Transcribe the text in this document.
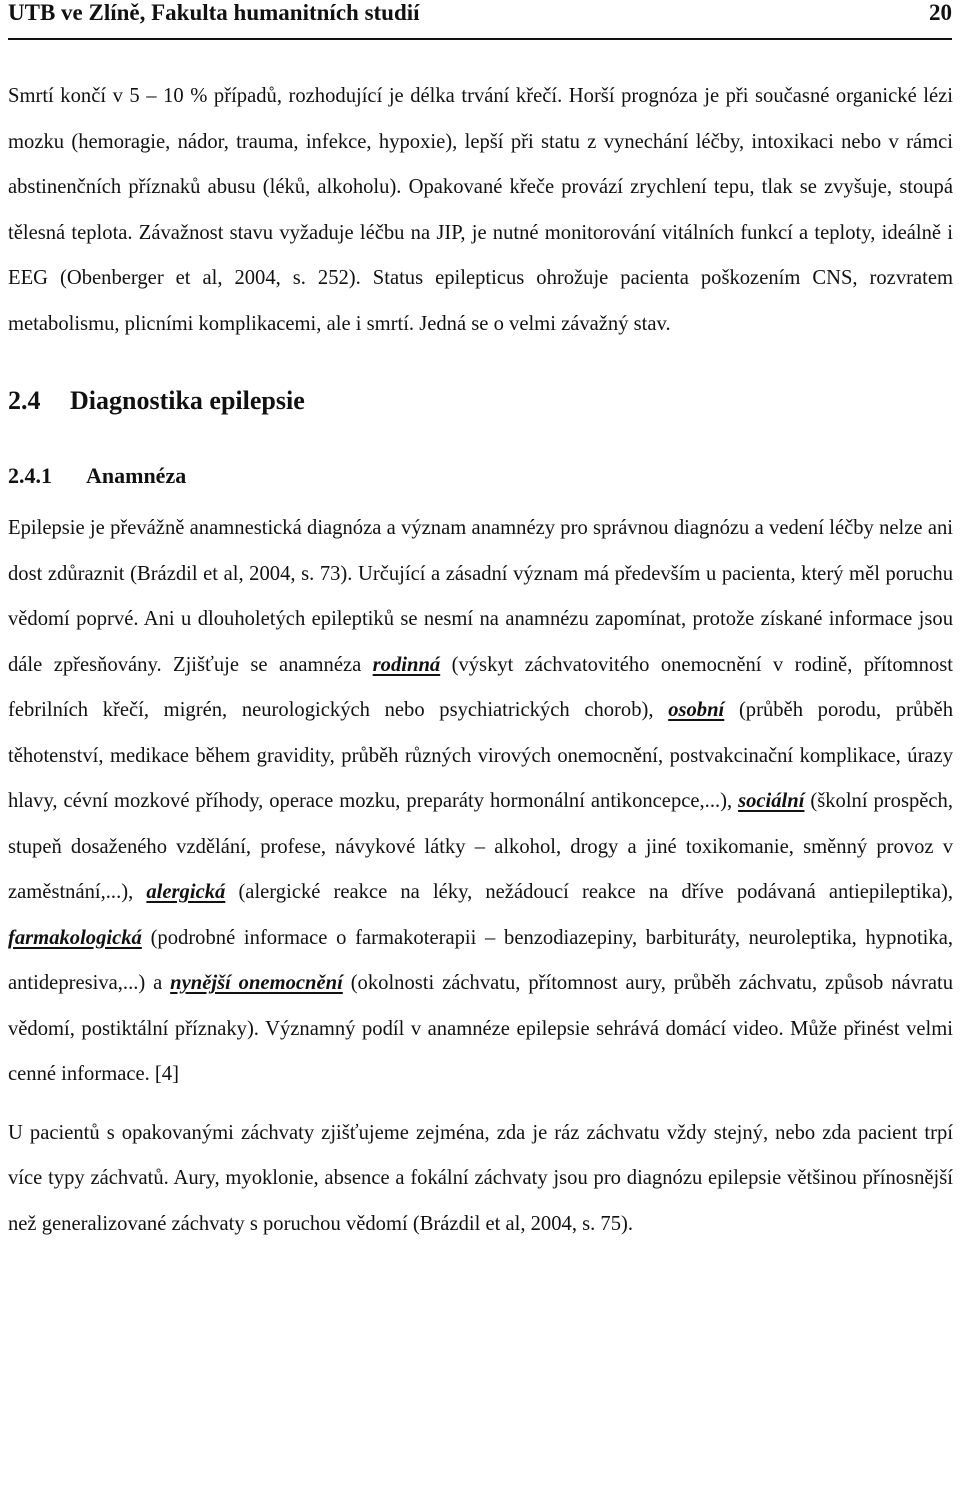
UTB ve Zlíně, Fakulta humanitních studií	20

Smrtí končí v 5 – 10 % případů, rozhodující je délka trvání křečí. Horší prognóza je při současné organické lézi mozku (hemoragie, nádor, trauma, infekce, hypoxie), lepší při statu z vynechání léčby, intoxikaci nebo v rámci abstinenčních příznaků abusu (léků, alkoholu). Opakované křeče provází zrychlení tepu, tlak se zvyšuje, stoupá tělesná teplota. Závažnost stavu vyžaduje léčbu na JIP, je nutné monitorování vitálních funkcí a teploty, ideálně i EEG (Obenberger et al, 2004, s. 252). Status epilepticus ohrožuje pacienta poškozením CNS, rozvratem metabolismu, plicními komplikacemi, ale i smrtí. Jedná se o velmi závažný stav.

2.4 Diagnostika epilepsie
2.4.1 Anamnéza

Epilepsie je převážně anamnestická diagnóza a význam anamnézy pro správnou diagnózu a vedení léčby nelze ani dost zdůraznit (Brázdil et al, 2004, s. 73). Určující a zásadní význam má především u pacienta, který měl poruchu vědomí poprvé. Ani u dlouholetých epileptiků se nesmí na anamnézu zapomínat, protože získané informace jsou dále zpřesňovány. Zjišťuje se anamnéza rodinná (výskyt záchvatovitého onemocnění v rodině, přítomnost febrilních křečí, migrén, neurologických nebo psychiatrických chorob), osobní (průběh porodu, průběh těhotenství, medikace během gravidity, průběh různých virových onemocnění, postvakcinační komplikace, úrazy hlavy, cévní mozkové příhody, operace mozku, preparáty hormonální antikoncepce,...), sociální (školní prospěch, stupeň dosaženého vzdělání, profese, návykové látky – alkohol, drogy a jiné toxikomanie, směnný provoz v zaměstnání,...), alergická (alergické reakce na léky, nežádoucí reakce na dříve podávaná antiepileptika), farmakologická (podrobné informace o farmakoterapii – benzodiazepiny, barbituráty, neuroleptika, hypnotika, antidepresiva,...) a nynější onemocnění (okolnosti záchvatu, přítomnost aury, průběh záchvatu, způsob návratu vědomí, postiktální příznaky). Významný podíl v anamnéze epilepsie sehrává domácí video. Může přinést velmi cenné informace. [4]

U pacientů s opakovanými záchvaty zjišťujeme zejména, zda je ráz záchvatu vždy stejný, nebo zda pacient trpí více typy záchvatů. Aury, myoklonie, absence a fokální záchvaty jsou pro diagnózu epilepsie většinou přínosnější než generalizované záchvaty s poruchou vědomí (Brázdil et al, 2004, s. 75).
